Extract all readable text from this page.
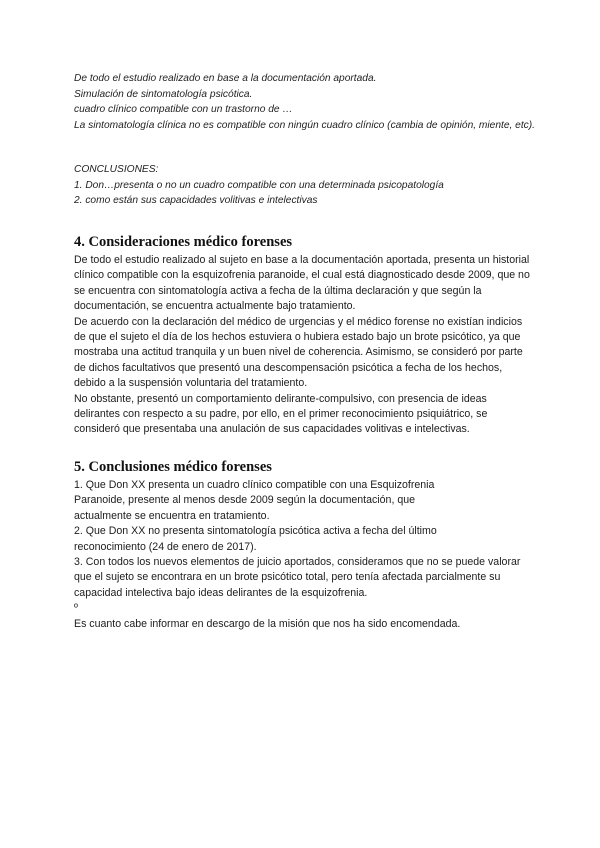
De todo el estudio realizado en base a la documentación aportada.

Simulación de sintomatología psicótica.

cuadro clínico compatible con un trastorno de …

La sintomatología clínica no es compatible con ningún cuadro clínico (cambia de opinión, miente, etc).

CONCLUSIONES:

1. Don…presenta o no un cuadro compatible con una determinada psicopatología

2. como están sus capacidades volitivas e intelectivas

4. Consideraciones médico forenses

De todo el estudio realizado al sujeto en base a la documentación aportada, presenta un historial clínico compatible con la esquizofrenia paranoide, el cual está diagnosticado desde 2009, que no se encuentra con sintomatología activa a fecha de la última declaración y que según la documentación, se encuentra actualmente bajo tratamiento.

De acuerdo con la declaración del médico de urgencias y el médico forense no existían indicios de que el sujeto el día de los hechos estuviera o hubiera estado bajo un brote psicótico, ya que mostraba una actitud tranquila y un buen nivel de coherencia. Asimismo, se consideró por parte de dichos facultativos que presentó una descompensación psicótica a fecha de los hechos, debido a la suspensión voluntaria del tratamiento.

No obstante, presentó un comportamiento delirante-compulsivo, con presencia de ideas delirantes con respecto a su padre, por ello, en el primer reconocimiento psiquiátrico, se consideró que presentaba una anulación de sus capacidades volitivas e intelectivas.

5. Conclusiones médico forenses

1. Que Don XX presenta un cuadro clínico compatible con una Esquizofrenia Paranoide, presente al menos desde 2009 según la documentación, que actualmente se encuentra en tratamiento.

2. Que Don XX no presenta sintomatología psicótica activa a fecha del último reconocimiento (24 de enero de 2017).

3. Con todos los nuevos elementos de juicio aportados, consideramos que no se puede valorar que el sujeto se encontrara en un brote psicótico total, pero tenía afectada parcialmente su capacidad intelectiva bajo ideas delirantes de la esquizofrenia.

º

Es cuanto cabe informar en descargo de la misión que nos ha sido encomendada.
